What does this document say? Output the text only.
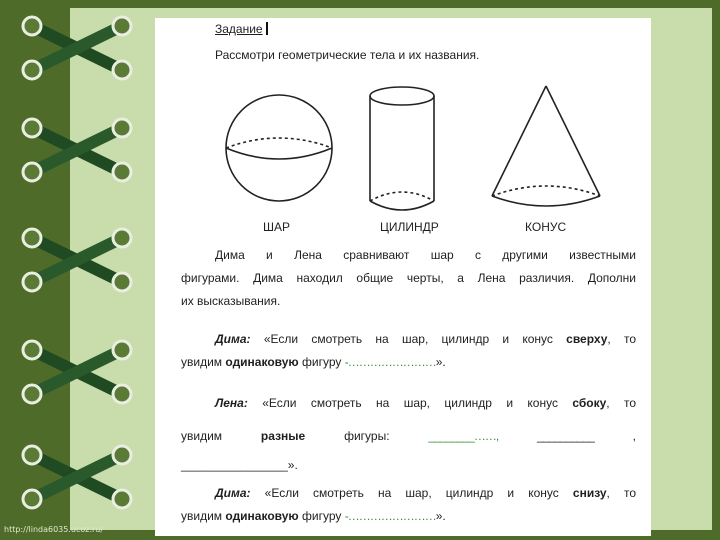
Задание
Рассмотри геометрические тела и их названия.
ШАР	ЦИЛИНДР	КОНУС
Дима и Лена сравнивают шар с другими известными
фигурами. Дима находил общие черты, а Лена различия. Дополни
их высказывания.
Дима: «Если смотреть на шар, цилиндр и конус сверху, то
увидим одинаковую фигуру -……………………».
Лена: «Если смотреть на шар, цилиндр и конус сбоку, то
увидим	разные	фигуры:	________……,	__________	,
________________».
Дима: «Если смотреть на шар, цилиндр и конус снизу, то
увидим одинаковую фигуру -……………………».
http://linda6035.ucoz.ru/
